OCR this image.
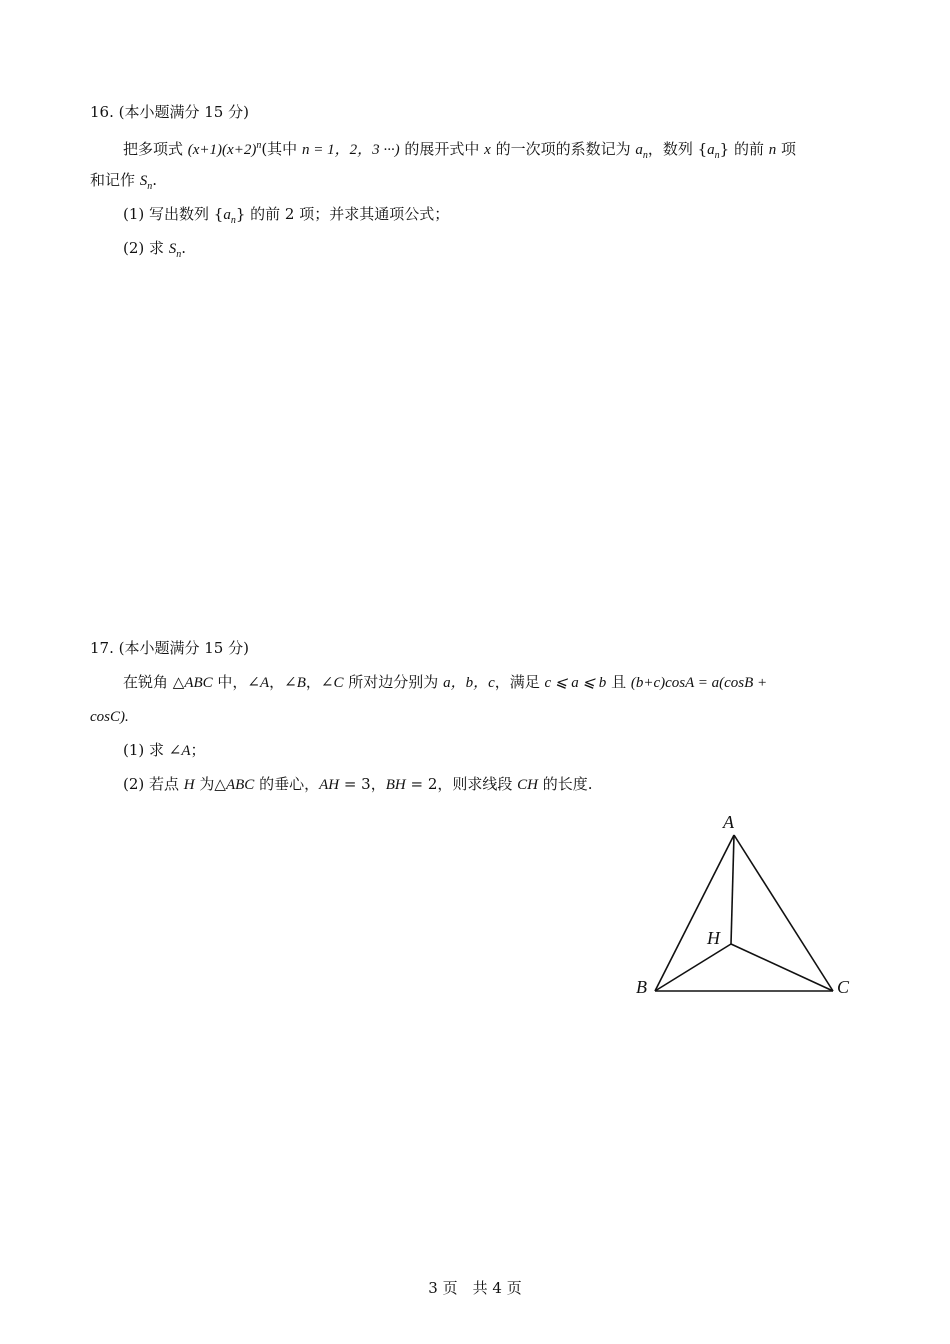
16. (本小题满分 15 分)
把多项式 $(x+1)(x+2)^n$(其中 n = 1，2，3 ···) 的展开式中 x 的一次项的系数记为 $a_n$，数列 $\{a_n\}$ 的前 n 项
和记作 $S_n$.
(1) 写出数列 $\{a_n\}$ 的前 2 项；并求其通项公式；
(2) 求 $S_n$.
17. (本小题满分 15 分)
在锐角 △ABC 中，∠A，∠B，∠C 所对边分别为 a，b，c，满足 c ⩽ a ⩽ b 且 (b+c)cosA = a(cosB +
cosC).
(1) 求 ∠A；
(2) 若点 H 为△ABC 的垂心，AH = 3，BH = 2，则求线段 CH 的长度.
A
B	C
H
3 页　共 4 页
